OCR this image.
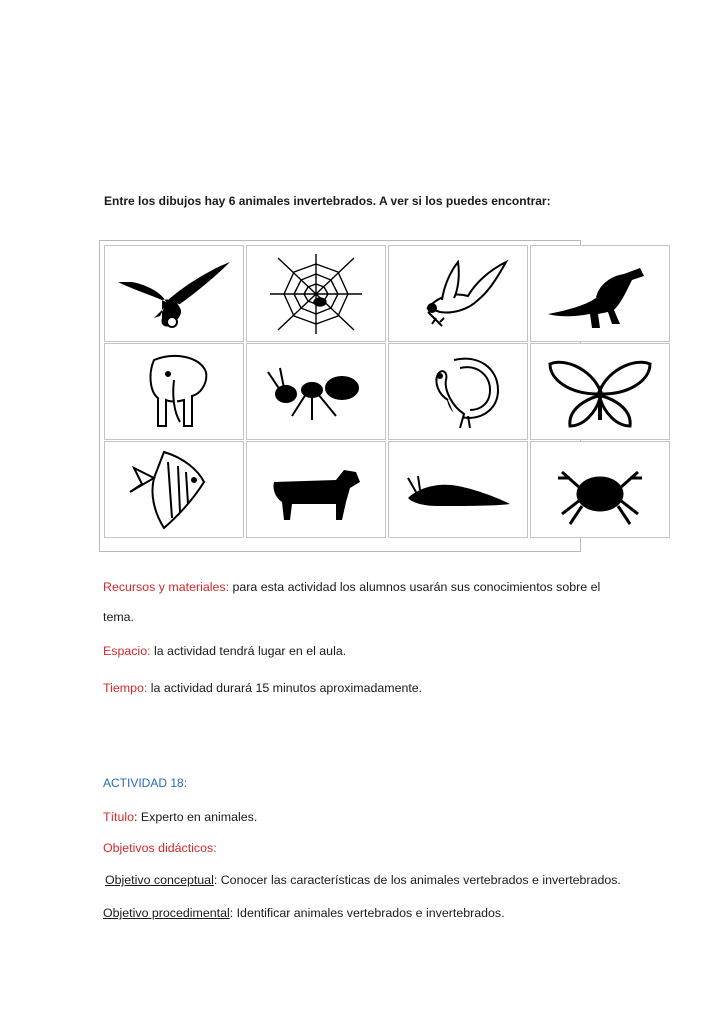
Entre los dibujos hay 6 animales invertebrados. A ver si los puedes encontrar:
Recursos y materiales: para esta actividad los alumnos usarán sus conocimientos sobre el
tema.
Espacio: la actividad tendrá lugar en el aula.
Tiempo: la actividad durará 15 minutos aproximadamente.
ACTIVIDAD 18:
Título: Experto en animales.
Objetivos didácticos:
Objetivo conceptual: Conocer las características de los animales vertebrados e invertebrados.
Objetivo procedimental: Identificar animales vertebrados e invertebrados.
